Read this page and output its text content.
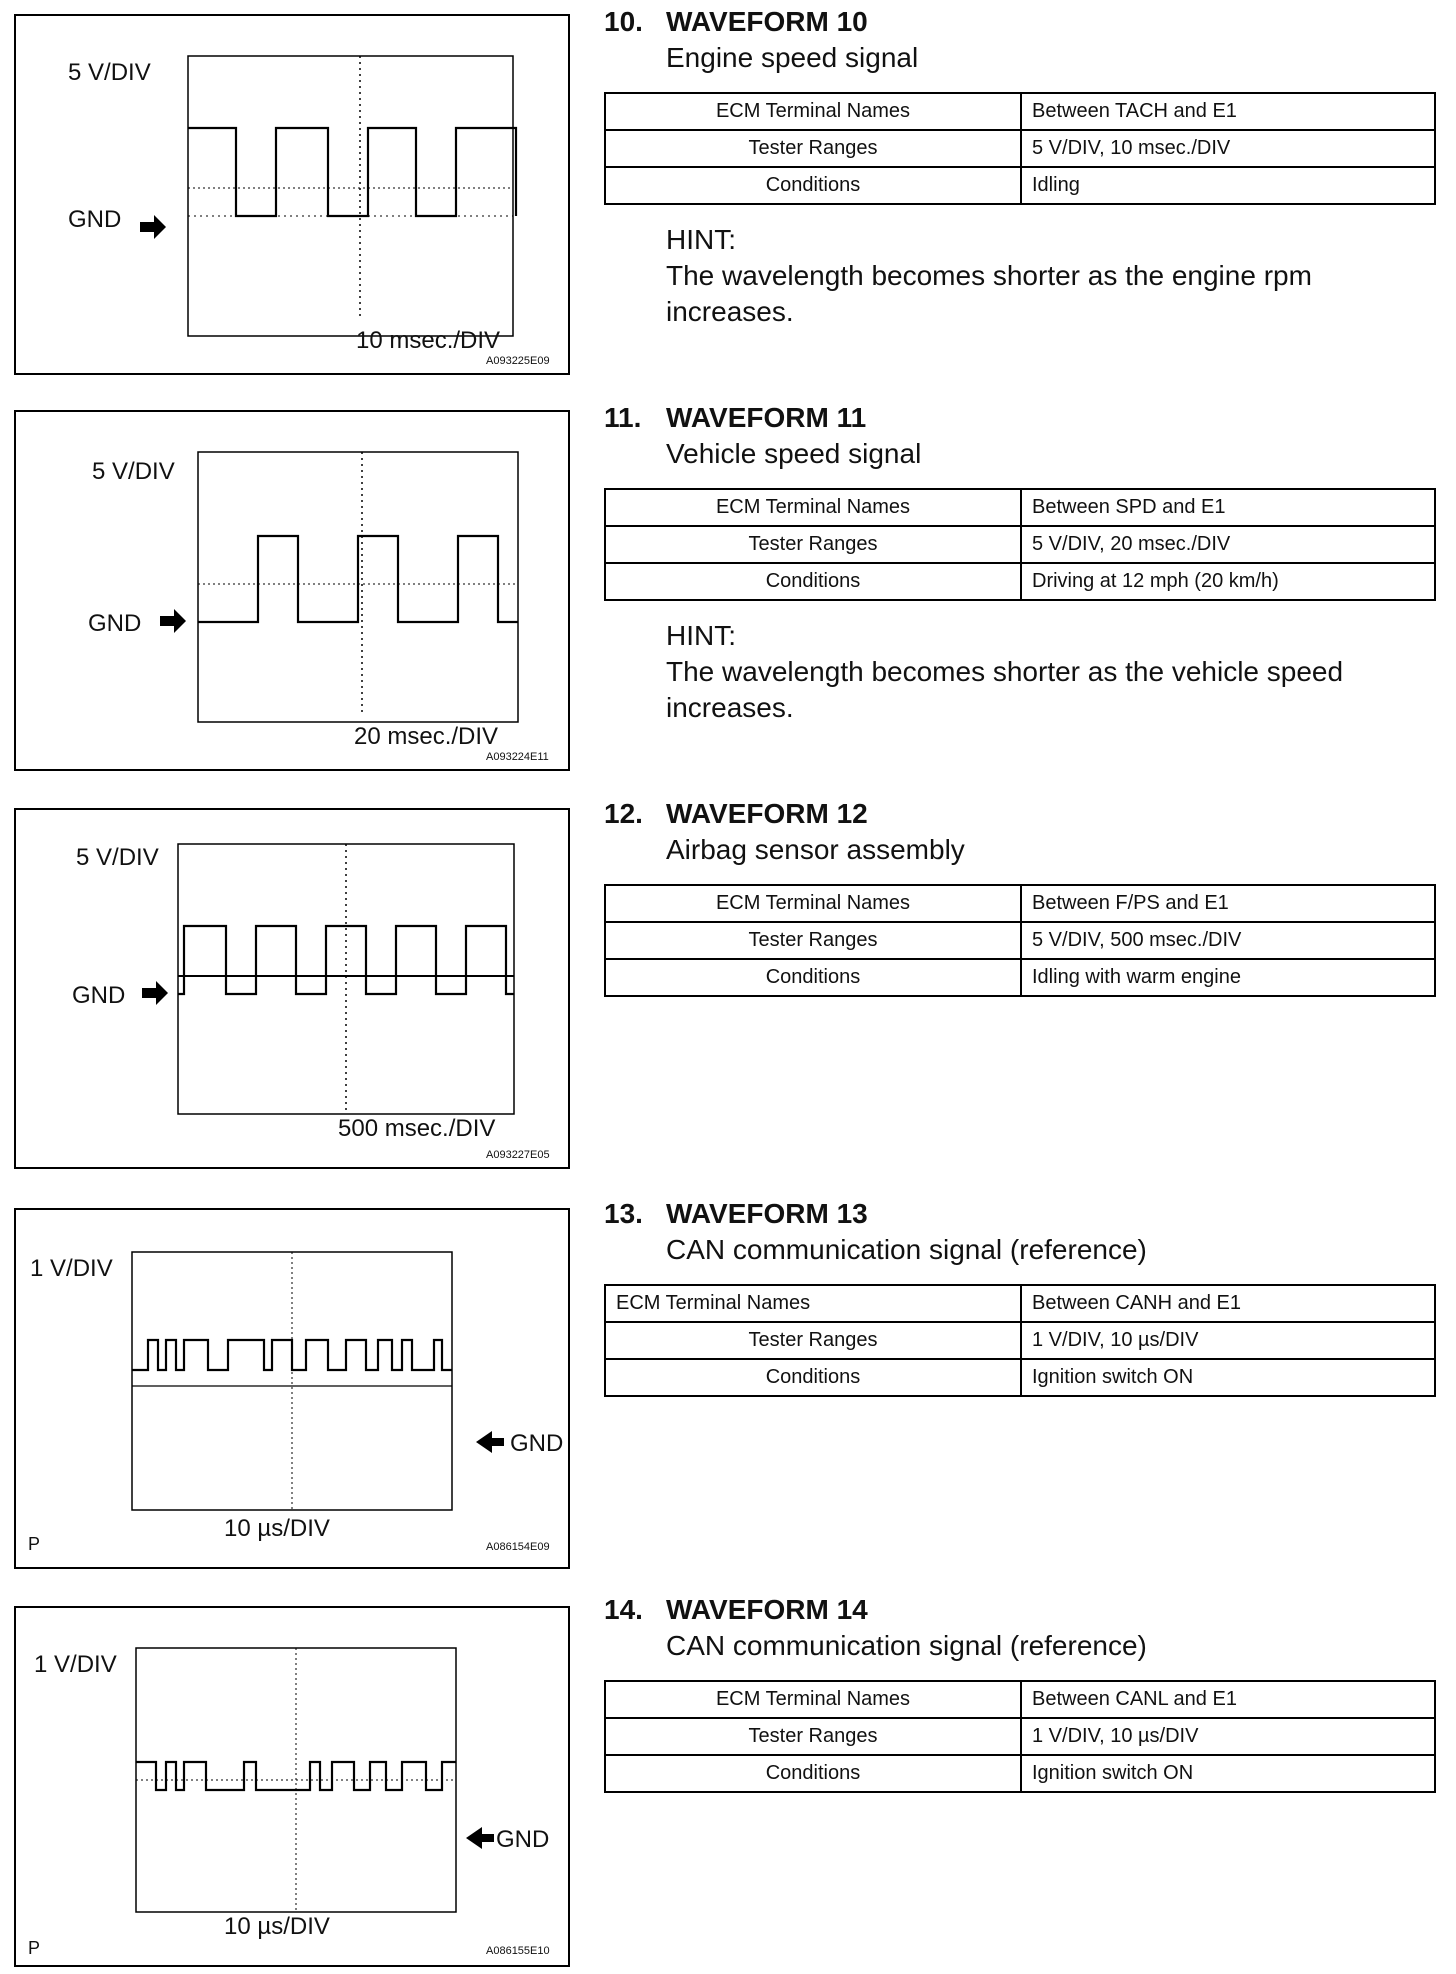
5 V/DIV
GND
10 msec./DIV
A093225E09
10. WAVEFORM 10
Engine speed signal
ECM Terminal Names	Between TACH and E1
Tester Ranges	5 V/DIV, 10 msec./DIV
Conditions	Idling
HINT:
The wavelength becomes shorter as the engine rpm increases.
5 V/DIV
GND
20 msec./DIV
A093224E11
11. WAVEFORM 11
Vehicle speed signal
ECM Terminal Names	Between SPD and E1
Tester Ranges	5 V/DIV, 20 msec./DIV
Conditions	Driving at 12 mph (20 km/h)
HINT:
The wavelength becomes shorter as the vehicle speed increases.
5 V/DIV
GND
500 msec./DIV
A093227E05
12. WAVEFORM 12
Airbag sensor assembly
ECM Terminal Names	Between F/PS and E1
Tester Ranges	5 V/DIV, 500 msec./DIV
Conditions	Idling with warm engine
1 V/DIV
GND
10 µs/DIV
P	A086154E09
13. WAVEFORM 13
CAN communication signal (reference)
ECM Terminal Names	Between CANH and E1
Tester Ranges	1 V/DIV, 10 µs/DIV
Conditions	Ignition switch ON
1 V/DIV
GND
10 µs/DIV
P	A086155E10
14. WAVEFORM 14
CAN communication signal (reference)
ECM Terminal Names	Between CANL and E1
Tester Ranges	1 V/DIV, 10 µs/DIV
Conditions	Ignition switch ON
